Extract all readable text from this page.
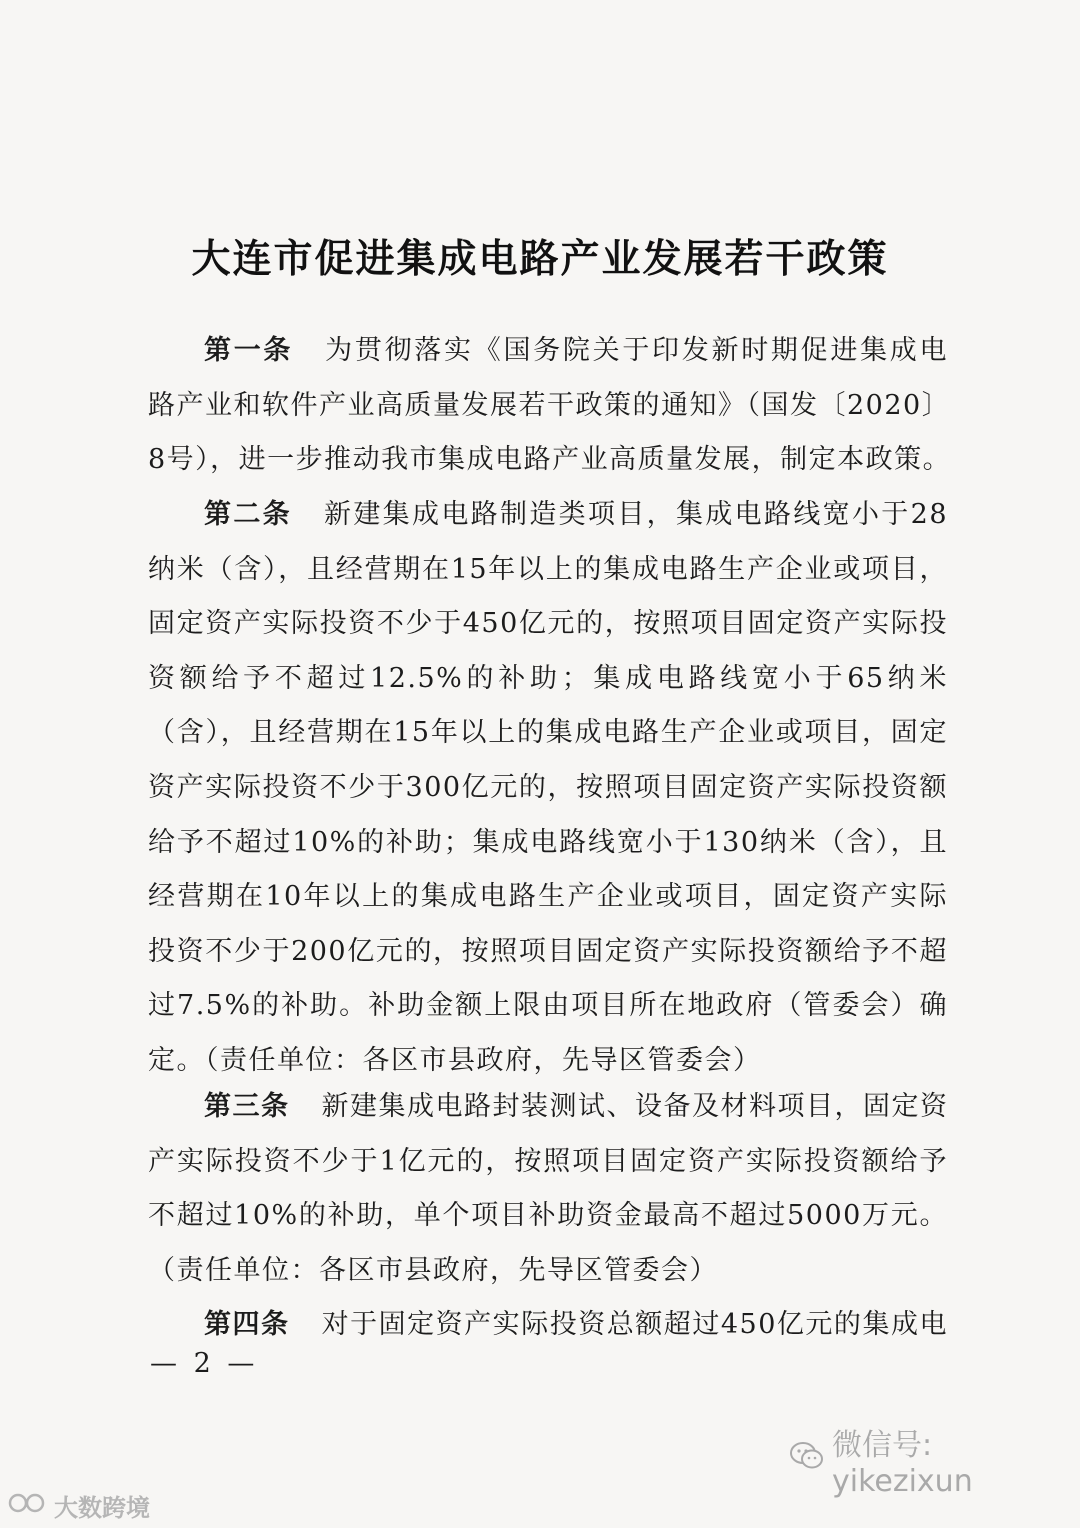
大连市促进集成电路产业发展若干政策
第一条 为贯彻落实《国务院关于印发新时期促进集成电
路产业和软件产业高质量发展若干政策的通知》（国发〔2020〕
8号），进一步推动我市集成电路产业高质量发展，制定本政策。
第二条 新建集成电路制造类项目，集成电路线宽小于28
纳米（含），且经营期在15年以上的集成电路生产企业或项目，
固定资产实际投资不少于450亿元的，按照项目固定资产实际投
资额给予不超过12.5%的补助；集成电路线宽小于65纳米
（含），且经营期在15年以上的集成电路生产企业或项目，固定
资产实际投资不少于300亿元的，按照项目固定资产实际投资额
给予不超过10%的补助；集成电路线宽小于130纳米（含），且
经营期在10年以上的集成电路生产企业或项目，固定资产实际
投资不少于200亿元的，按照项目固定资产实际投资额给予不超
过7.5%的补助。补助金额上限由项目所在地政府（管委会）确
定。（责任单位：各区市县政府，先导区管委会）
第三条 新建集成电路封装测试、设备及材料项目，固定资
产实际投资不少于1亿元的，按照项目固定资产实际投资额给予
不超过10%的补助，单个项目补助资金最高不超过5000万元。
（责任单位：各区市县政府，先导区管委会）
第四条 对于固定资产实际投资总额超过450亿元的集成电
— 2 —
微信号: yikezixun
大数跨境
